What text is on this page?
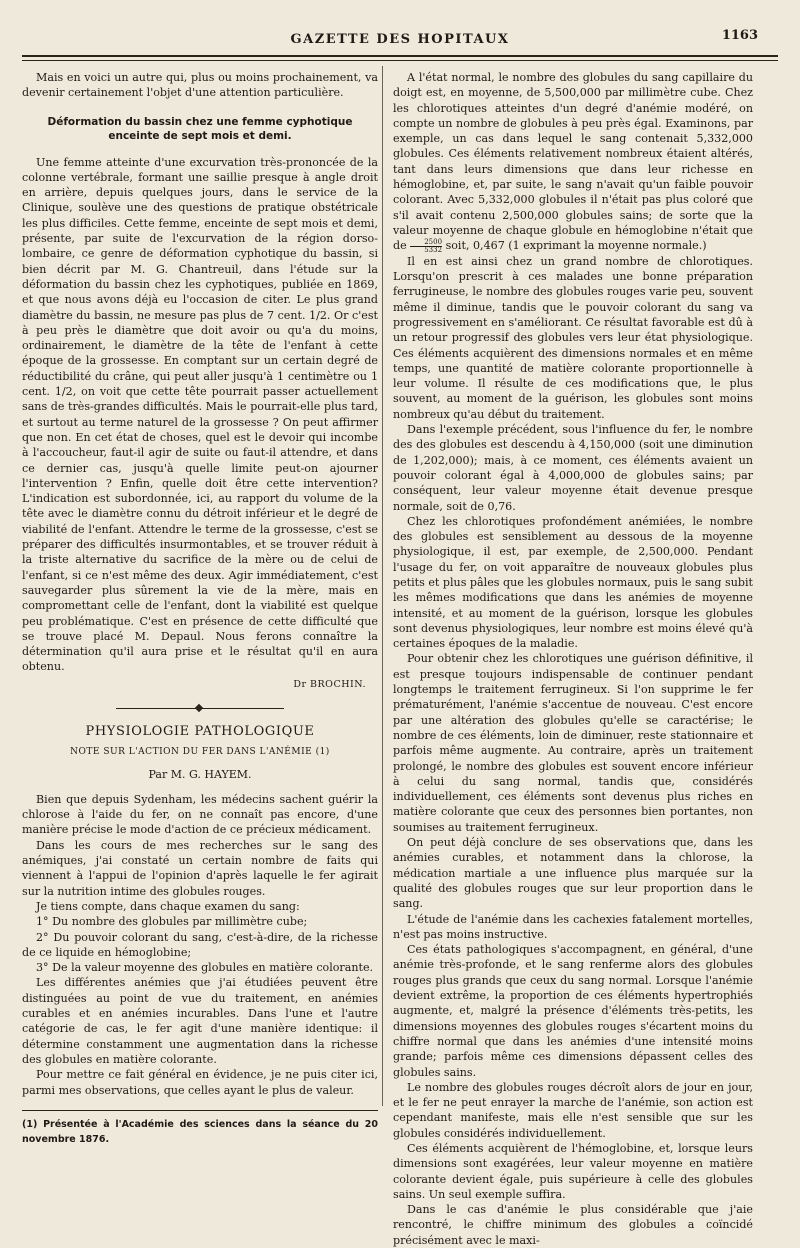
GAZETTE DES HOPITAUX	1163

Mais en voici un autre qui, plus ou moins prochainement, va devenir certainement l'objet d'une attention particulière.

Déformation du bassin chez une femme cyphotique enceinte de sept mois et demi.

Une femme atteinte d'une excurvation très-prononcée de la colonne vertébrale, formant une saillie presque à angle droit en arrière, depuis quelques jours, dans le service de la Clinique, soulève une des questions de pratique obstétricale les plus difficiles. Cette femme, enceinte de sept mois et demi, présente, par suite de l'excurvation de la région dorso-lombaire, ce genre de déformation cyphotique du bassin, si bien décrit par M. G. Chantreuil, dans l'étude sur la déformation du bassin chez les cyphotiques, publiée en 1869, et que nous avons déjà eu l'occasion de citer. Le plus grand diamètre du bassin, ne mesure pas plus de 7 cent. 1/2. Or c'est à peu près le diamètre que doit avoir ou qu'a du moins, ordinairement, le diamètre de la tête de l'enfant à cette époque de la grossesse. En comptant sur un certain degré de réductibilité du crâne, qui peut aller jusqu'à 1 centimètre ou 1 cent. 1/2, on voit que cette tête pourrait passer actuellement sans de très-grandes difficultés. Mais le pourrait-elle plus tard, et surtout au terme naturel de la grossesse ? On peut affirmer que non. En cet état de choses, quel est le devoir qui incombe à l'accoucheur, faut-il agir de suite ou faut-il attendre, et dans ce dernier cas, jusqu'à quelle limite peut-on ajourner l'intervention ? Enfin, quelle doit être cette intervention? L'indication est subordonnée, ici, au rapport du volume de la tête avec le diamètre connu du détroit inférieur et le degré de viabilité de l'enfant. Attendre le terme de la grossesse, c'est se préparer des difficultés insurmontables, et se trouver réduit à la triste alternative du sacrifice de la mère ou de celui de l'enfant, si ce n'est même des deux. Agir immédiatement, c'est sauvegarder plus sûrement la vie de la mère, mais en compromettant celle de l'enfant, dont la viabilité est quelque peu problématique. C'est en présence de cette difficulté que se trouve placé M. Depaul. Nous ferons connaître la détermination qu'il aura prise et le résultat qu'il en aura obtenu.

Dr BROCHIN.
PHYSIOLOGIE PATHOLOGIQUE
NOTE SUR L'ACTION DU FER DANS L'ANÉMIE (1)
Par M. G. HAYEM.

Bien que depuis Sydenham, les médecins sachent guérir la chlorose à l'aide du fer, on ne connaît pas encore, d'une manière précise le mode d'action de ce précieux médicament.

Dans les cours de mes recherches sur le sang des anémiques, j'ai constaté un certain nombre de faits qui viennent à l'appui de l'opinion d'après laquelle le fer agirait sur la nutrition intime des globules rouges.

Je tiens compte, dans chaque examen du sang:

1° Du nombre des globules par millimètre cube;

2° Du pouvoir colorant du sang, c'est-à-dire, de la richesse de ce liquide en hémoglobine;

3° De la valeur moyenne des globules en matière colorante.

Les différentes anémies que j'ai étudiées peuvent être distinguées au point de vue du traitement, en anémies curables et en anémies incurables. Dans l'une et l'autre catégorie de cas, le fer agit d'une manière identique: il détermine constamment une augmentation dans la richesse des globules en matière colorante.

Pour mettre ce fait général en évidence, je ne puis citer ici, parmi mes observations, que celles ayant le plus de valeur.

(1) Présentée à l'Académie des sciences dans la séance du 20 novembre 1876.

A l'état normal, le nombre des globules du sang capillaire du doigt est, en moyenne, de 5,500,000 par millimètre cube. Chez les chlorotiques atteintes d'un degré d'anémie modéré, on compte un nombre de globules à peu près égal. Examinons, par exemple, un cas dans lequel le sang contenait 5,332,000 globules. Ces éléments relativement nombreux étaient altérés, tant dans leurs dimensions que dans leur richesse en hémoglobine, et, par suite, le sang n'avait qu'un faible pouvoir colorant. Avec 5,332,000 globules il n'était pas plus coloré que s'il avait contenu 2,500,000 globules sains; de sorte que la valeur moyenne de chaque globule en hémoglobine n'était que de $\frac{2500}{5332}$ soit, 0,467 (1 exprimant la moyenne normale.)

Il en est ainsi chez un grand nombre de chlorotiques. Lorsqu'on prescrit à ces malades une bonne préparation ferrugineuse, le nombre des globules rouges varie peu, souvent même il diminue, tandis que le pouvoir colorant du sang va progressivement en s'améliorant. Ce résultat favorable est dû à un retour progressif des globules vers leur état physiologique. Ces éléments acquièrent des dimensions normales et en même temps, une quantité de matière colorante proportionnelle à leur volume. Il résulte de ces modifications que, le plus souvent, au moment de la guérison, les globules sont moins nombreux qu'au début du traitement.

Dans l'exemple précédent, sous l'influence du fer, le nombre des des globules est descendu à 4,150,000 (soit une diminution de 1,202,000); mais, à ce moment, ces éléments avaient un pouvoir colorant égal à 4,000,000 de globules sains; par conséquent, leur valeur moyenne était devenue presque normale, soit de 0,76.

Chez les chlorotiques profondément anémiées, le nombre des globules est sensiblement au dessous de la moyenne physiologique, il est, par exemple, de 2,500,000. Pendant l'usage du fer, on voit apparaître de nouveaux globules plus petits et plus pâles que les globules normaux, puis le sang subit les mêmes modifications que dans les anémies de moyenne intensité, et au moment de la guérison, lorsque les globules sont devenus physiologiques, leur nombre est moins élevé qu'à certaines époques de la maladie.

Pour obtenir chez les chlorotiques une guérison définitive, il est presque toujours indispensable de continuer pendant longtemps le traitement ferrugineux. Si l'on supprime le fer prématurément, l'anémie s'accentue de nouveau. C'est encore par une altération des globules qu'elle se caractérise; le nombre de ces éléments, loin de diminuer, reste stationnaire et parfois même augmente. Au contraire, après un traitement prolongé, le nombre des globules est souvent encore inférieur à celui du sang normal, tandis que, considérés individuellement, ces éléments sont devenus plus riches en matière colorante que ceux des personnes bien portantes, non soumises au traitement ferrugineux.

On peut déjà conclure de ses observations que, dans les anémies curables, et notamment dans la chlorose, la médication martiale a une influence plus marquée sur la qualité des globules rouges que sur leur proportion dans le sang.

L'étude de l'anémie dans les cachexies fatalement mortelles, n'est pas moins instructive.

Ces états pathologiques s'accompagnent, en général, d'une anémie très-profonde, et le sang renferme alors des globules rouges plus grands que ceux du sang normal. Lorsque l'anémie devient extrême, la proportion de ces éléments hypertrophiés augmente, et, malgré la présence d'éléments très-petits, les dimensions moyennes des globules rouges s'écartent moins du chiffre normal que dans les anémies d'une intensité moins grande; parfois même ces dimensions dépassent celles des globules sains.

Le nombre des globules rouges décroît alors de jour en jour, et le fer ne peut enrayer la marche de l'anémie, son action est cependant manifeste, mais elle n'est sensible que sur les globules considérés individuellement.

Ces éléments acquièrent de l'hémoglobine, et, lorsque leurs dimensions sont exagérées, leur valeur moyenne en matière colorante devient égale, puis supérieure à celle des globules sains. Un seul exemple suffira.

Dans le cas d'anémie le plus considérable que j'aie rencontré, le chiffre minimum des globules a coïncidé précisément avec le maxi-
